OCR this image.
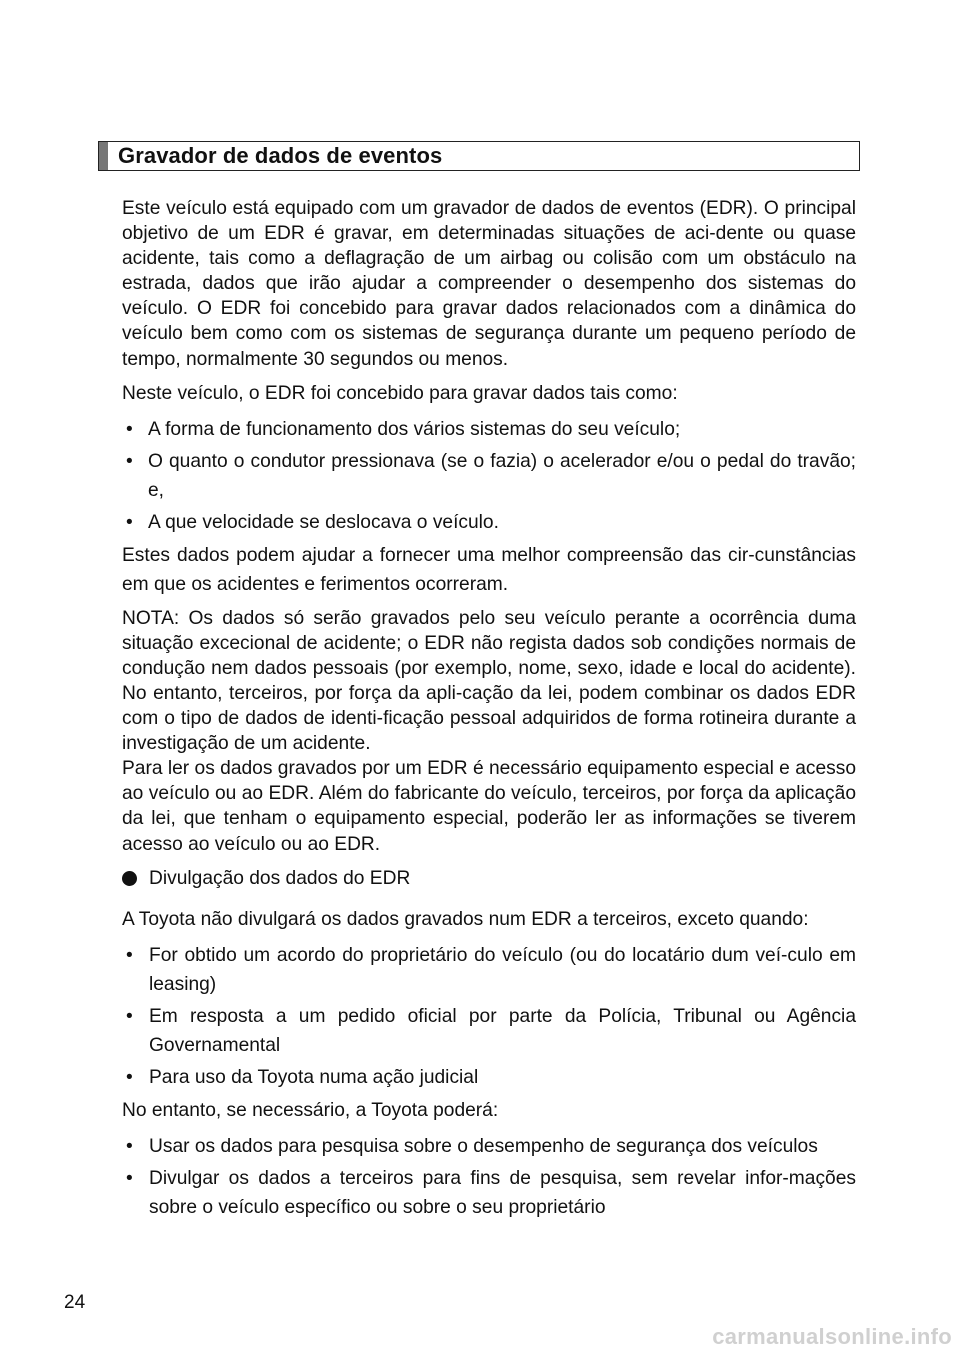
Gravador de dados de eventos

Este veículo está equipado com um gravador de dados de eventos (EDR). O principal objetivo de um EDR é gravar, em determinadas situações de aci-dente ou quase acidente, tais como a deflagração de um airbag ou colisão com um obstáculo na estrada, dados que irão ajudar a compreender o desempenho dos sistemas do veículo. O EDR foi concebido para gravar dados relacionados com a dinâmica do veículo bem como com os sistemas de segurança durante um pequeno período de tempo, normalmente 30 segundos ou menos.

Neste veículo, o EDR foi concebido para gravar dados tais como:

• A forma de funcionamento dos vários sistemas do seu veículo;
• O quanto o condutor pressionava (se o fazia) o acelerador e/ou o pedal do travão; e,
• A que velocidade se deslocava o veículo.

Estes dados podem ajudar a fornecer uma melhor compreensão das cir-cunstâncias em que os acidentes e ferimentos ocorreram.

NOTA: Os dados só serão gravados pelo seu veículo perante a ocorrência duma situação excecional de acidente; o EDR não regista dados sob condições normais de condução nem dados pessoais (por exemplo, nome, sexo, idade e local do acidente). No entanto, terceiros, por força da apli-cação da lei, podem combinar os dados EDR com o tipo de dados de identi-ficação pessoal adquiridos de forma rotineira durante a investigação de um acidente.

Para ler os dados gravados por um EDR é necessário equipamento especial e acesso ao veículo ou ao EDR. Além do fabricante do veículo, terceiros, por força da aplicação da lei, que tenham o equipamento especial, poderão ler as informações se tiverem acesso ao veículo ou ao EDR.

Divulgação dos dados do EDR

A Toyota não divulgará os dados gravados num EDR a terceiros, exceto quando:

• For obtido um acordo do proprietário do veículo (ou do locatário dum veí-culo em leasing)
• Em resposta a um pedido oficial por parte da Polícia, Tribunal ou Agência Governamental
• Para uso da Toyota numa ação judicial

No entanto, se necessário, a Toyota poderá:

• Usar os dados para pesquisa sobre o desempenho de segurança dos veículos
• Divulgar os dados a terceiros para fins de pesquisa, sem revelar infor-mações sobre o veículo específico ou sobre o seu proprietário
24
carmanualsonline.info
